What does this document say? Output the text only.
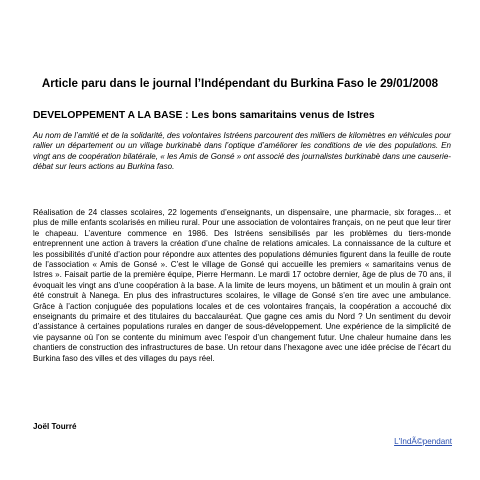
Article paru dans le journal l’Indépendant du Burkina Faso le 29/01/2008
DEVELOPPEMENT A LA BASE : Les bons samaritains venus de Istres

Au nom de l’amitié et de la solidarité, des volontaires Istréens parcourent des milliers de kilomètres en véhicules pour rallier un département ou un village burkinabè dans l’optique d’améliorer les conditions de vie des populations. En vingt ans de coopération bilatérale, « les Amis de Gonsé » ont associé des journalistes burkinabè dans une causerie-débat sur leurs actions au Burkina faso.

Réalisation de 24 classes scolaires, 22 logements d’enseignants, un dispensaire, une pharmacie, six forages... et plus de mille enfants scolarisés en milieu rural. Pour une association de volontaires français, on ne peut que leur tirer le chapeau. L’aventure commence en 1986. Des Istréens sensibilisés par les problèmes du tiers-monde entreprennent une action à travers la création d’une chaîne de relations amicales. La connaissance de la culture et les possibilités d’unité d’action pour répondre aux attentes des populations démunies figurent dans la feuille de route de l’association « Amis de Gonsé ». C’est le village de Gonsé qui accueille les premiers « samaritains venus de Istres ». Faisait partie de la première équipe, Pierre Hermann. Le mardi 17 octobre dernier, âge de plus de 70 ans, il évoquait les vingt ans d’une coopération à la base. A la limite de leurs moyens, un bâtiment et un moulin à grain ont été construit à Nanega. En plus des infrastructures scolaires, le village de Gonsé s’en tire avec une ambulance. Grâce à l’action conjuguée des populations locales et de ces volontaires français, la coopération a accouché dix enseignants du primaire et des titulaires du baccalauréat. Que gagne ces amis du Nord ? Un sentiment du devoir d’assistance à certaines populations rurales en danger de sous-développement. Une expérience de la simplicité de vie paysanne où l’on se contente du minimum avec l’espoir d’un changement futur. Une chaleur humaine dans les chantiers de construction des infrastructures de base. Un retour dans l’hexagone avec une idée précise de l’écart du Burkina faso des villes et des villages du pays réel.

Joël Tourré
L'IndÃ©pendant
